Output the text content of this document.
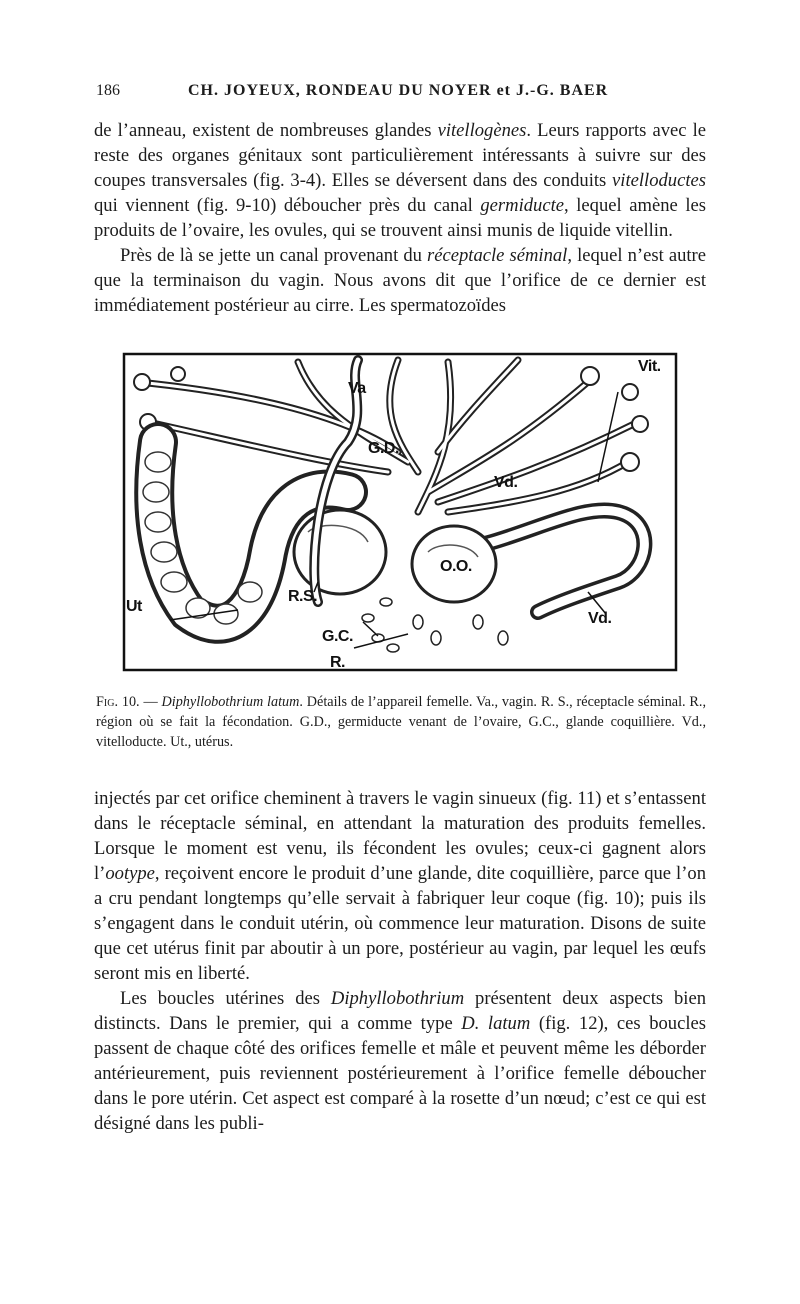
186	CH. JOYEUX, RONDEAU DU NOYER et J.-G. BAER

de l’anneau, existent de nombreuses glandes vitellogènes. Leurs rapports avec le reste des organes génitaux sont particulièrement intéressants à suivre sur des coupes transversales (fig. 3-4). Elles se déversent dans des conduits vitelloductes qui viennent (fig. 9-10) déboucher près du canal germiducte, lequel amène les produits de l’ovaire, les ovules, qui se trouvent ainsi munis de liquide vitellin.

Près de là se jette un canal provenant du réceptacle séminal, lequel n’est autre que la terminaison du vagin. Nous avons dit que l’orifice de ce dernier est immédiatement postérieur au cirre. Les spermatozoïdes

Va
Vit.
G.D.
Vd.
O.O.
Ut
R.S.
G.C.
R.
Vd.
Fig. 10. — Diphyllobothrium latum. Détails de l’appareil femelle. Va., vagin. R. S., réceptacle séminal. R., région où se fait la fécondation. G.D., germiducte venant de l’ovaire, G.C., glande coquillière. Vd., vitelloducte. Ut., utérus.

injectés par cet orifice cheminent à travers le vagin sinueux (fig. 11) et s’entassent dans le réceptacle séminal, en attendant la maturation des produits femelles. Lorsque le moment est venu, ils fécondent les ovules; ceux-ci gagnent alors l’ootype, reçoivent encore le produit d’une glande, dite coquillière, parce que l’on a cru pendant longtemps qu’elle servait à fabriquer leur coque (fig. 10); puis ils s’engagent dans le conduit utérin, où commence leur maturation. Disons de suite que cet utérus finit par aboutir à un pore, postérieur au vagin, par lequel les œufs seront mis en liberté.

Les boucles utérines des Diphyllobothrium présentent deux aspects bien distincts. Dans le premier, qui a comme type D. latum (fig. 12), ces boucles passent de chaque côté des orifices femelle et mâle et peuvent même les déborder antérieurement, puis reviennent postérieurement à l’orifice femelle déboucher dans le pore utérin. Cet aspect est comparé à la rosette d’un nœud; c’est ce qui est désigné dans les publi-
